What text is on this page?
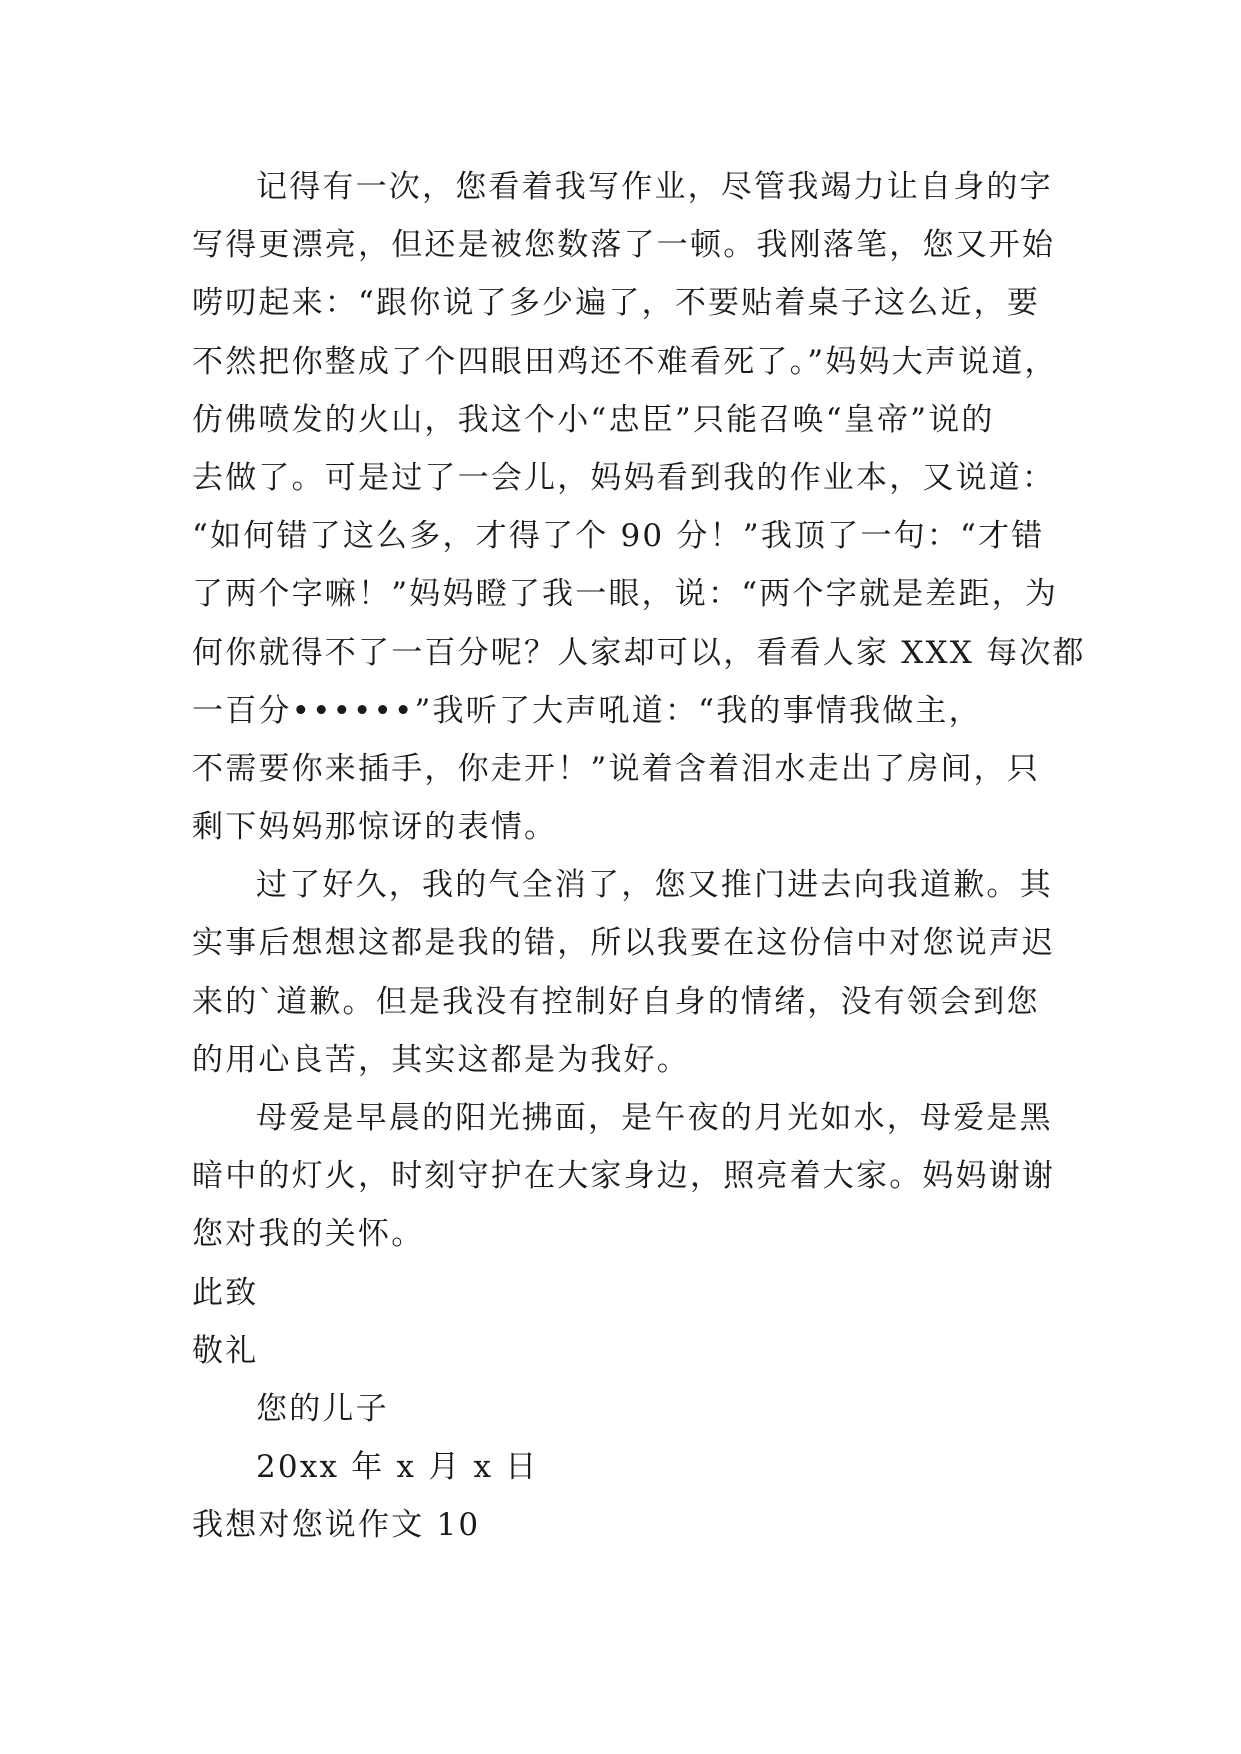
记得有一次，您看着我写作业，尽管我竭力让自身的字
写得更漂亮，但还是被您数落了一顿。我刚落笔，您又开始
唠叨起来：“跟你说了多少遍了，不要贴着桌子这么近，要
不然把你整成了个四眼田鸡还不难看死了。”妈妈大声说道，
仿佛喷发的火山，我这个小“忠臣”只能召唤“皇帝”说的
去做了。可是过了一会儿，妈妈看到我的作业本，又说道：
“如何错了这么多，才得了个 90 分！”我顶了一句：“才错
了两个字嘛！”妈妈瞪了我一眼，说：“两个字就是差距，为
何你就得不了一百分呢？人家却可以，看看人家 XXX 每次都
一百分••••••”我听了大声吼道：“我的事情我做主，
不需要你来插手，你走开！”说着含着泪水走出了房间，只
剩下妈妈那惊讶的表情。
过了好久，我的气全消了，您又推门进去向我道歉。其
实事后想想这都是我的错，所以我要在这份信中对您说声迟
来的`道歉。但是我没有控制好自身的情绪，没有领会到您
的用心良苦，其实这都是为我好。
母爱是早晨的阳光拂面，是午夜的月光如水，母爱是黑
暗中的灯火，时刻守护在大家身边，照亮着大家。妈妈谢谢
您对我的关怀。
此致
敬礼
您的儿子
20xx 年 x 月 x 日
我想对您说作文 10
